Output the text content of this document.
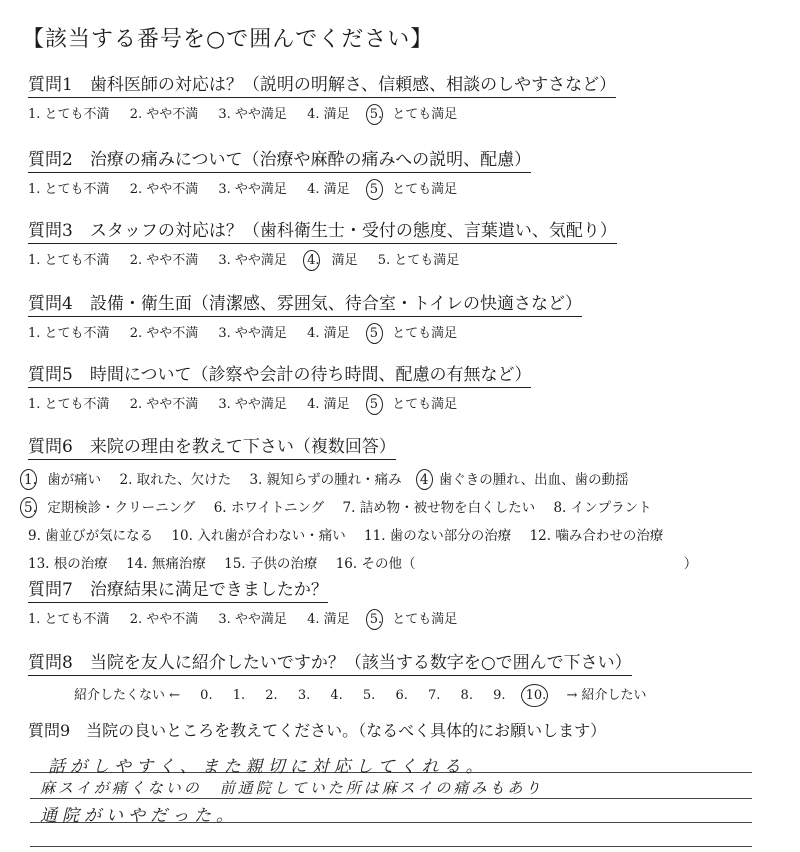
【該当する番号を○で囲んでください】
質問1　歯科医師の対応は？（説明の明解さ、信頼感、相談のしやすさなど）
1. とても不満 2. やや不満 3. やや満足 4. 満足 5. とても満足
質問2　治療の痛みについて（治療や麻酔の痛みへの説明、配慮）
1. とても不満 2. やや不満 3. やや満足 4. 満足 5 とても満足
質問3　スタッフの対応は？（歯科衛生士・受付の態度、言葉遣い、気配り）
1. とても不満 2. やや不満 3. やや満足 4. 満足 5. とても満足
質問4　設備・衛生面（清潔感、雰囲気、待合室・トイレの快適さなど）
1. とても不満 2. やや不満 3. やや満足 4. 満足 5 とても満足
質問5　時間について（診察や会計の待ち時間、配慮の有無など）
1. とても不満 2. やや不満 3. やや満足 4. 満足 5 とても満足
質問6　来院の理由を教えて下さい（複数回答）
1. 歯が痛い 2. 取れた、欠けた 3. 親知らずの腫れ・痛み 4 歯ぐきの腫れ、出血、歯の動揺
5. 定期検診・クリーニング 6. ホワイトニング 7. 詰め物・被せ物を白くしたい 8. インプラント
9. 歯並びが気になる 10. 入れ歯が合わない・痛い 11. 歯のない部分の治療 12. 噛み合わせの治療
13. 根の治療 14. 無痛治療 15. 子供の治療 16. その他（	）
質問7　治療結果に満足できましたか？
1. とても不満 2. やや不満 3. やや満足 4. 満足 5. とても満足
質問8　当院を友人に紹介したいですか？（該当する数字を○で囲んで下さい）
紹介したくない ← 0. 1. 2. 3. 4. 5. 6. 7. 8. 9. 10. → 紹介したい
質問9　当院の良いところを教えてください。（なるべく具体的にお願いします）
話がしやすく、また親切に対応してくれる。
麻スイが痛くないの　前通院していた所は麻スイの痛みもあり
通院がいやだった。
